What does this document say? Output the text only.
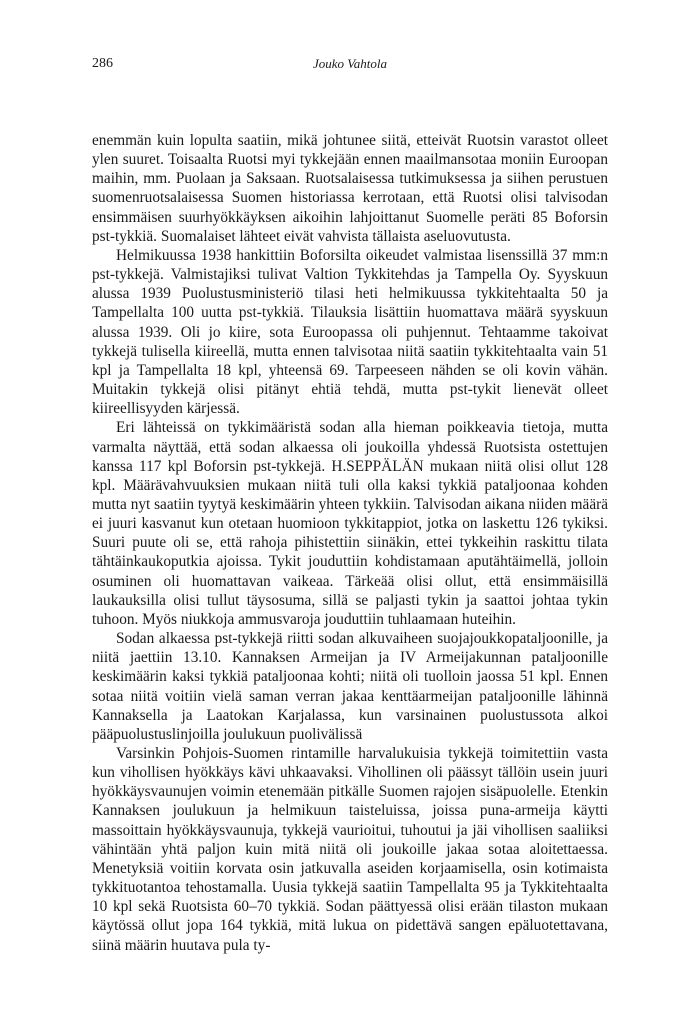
286	Jouko Vahtola

enemmän kuin lopulta saatiin, mikä johtunee siitä, etteivät Ruotsin varastot olleet ylen suuret. Toisaalta Ruotsi myi tykkejään ennen maailmansotaa moniin Euroopan maihin, mm. Puolaan ja Saksaan. Ruotsalaisessa tutkimuksessa ja siihen perustuen suomenruotsalaisessa Suomen historiassa kerrotaan, että Ruotsi olisi talvisodan ensimmäisen suurhyökkäyksen aikoihin lahjoittanut Suomelle peräti 85 Boforsin pst-tykkiä. Suomalaiset lähteet eivät vahvista tällaista aseluovutusta.

Helmikuussa 1938 hankittiin Boforsilta oikeudet valmistaa lisenssillä 37 mm:n pst-tykkejä. Valmistajiksi tulivat Valtion Tykkitehdas ja Tampella Oy. Syyskuun alussa 1939 Puolustusministeriö tilasi heti helmikuussa tykkitehtaalta 50 ja Tampellalta 100 uutta pst-tykkiä. Tilauksia lisättiin huomattava määrä syyskuun alussa 1939. Oli jo kiire, sota Euroopassa oli puhjennut. Tehtaamme takoivat tykkejä tulisella kiireellä, mutta ennen talvisotaa niitä saatiin tykkitehtaalta vain 51 kpl ja Tampellalta 18 kpl, yhteensä 69. Tarpeeseen nähden se oli kovin vähän. Muitakin tykkejä olisi pitänyt ehtiä tehdä, mutta pst-tykit lienevät olleet kiireellisyyden kärjessä.

Eri lähteissä on tykkimääristä sodan alla hieman poikkeavia tietoja, mutta varmalta näyttää, että sodan alkaessa oli joukoilla yhdessä Ruotsista ostettujen kanssa 117 kpl Boforsin pst-tykkejä. H.SEPPÄLÄN mukaan niitä olisi ollut 128 kpl. Määrävahvuuksien mukaan niitä tuli olla kaksi tykkiä pataljoonaa kohden mutta nyt saatiin tyytyä keskimäärin yhteen tykkiin. Talvisodan aikana niiden määrä ei juuri kasvanut kun otetaan huomioon tykkitappiot, jotka on laskettu 126 tykiksi. Suuri puute oli se, että rahoja pihistettiin siinäkin, ettei tykkeihin raskittu tilata tähtäinkaukoputkia ajoissa. Tykit jouduttiin kohdistamaan aputähtäimellä, jolloin osuminen oli huomattavan vaikeaa. Tärkeää olisi ollut, että ensimmäisillä laukauksilla olisi tullut täysosuma, sillä se paljasti tykin ja saattoi johtaa tykin tuhoon. Myös niukkoja ammusvaroja jouduttiin tuhlaamaan huteihin.

Sodan alkaessa pst-tykkejä riitti sodan alkuvaiheen suojajoukkopataljoonille, ja niitä jaettiin 13.10. Kannaksen Armeijan ja IV Armeijakunnan pataljoonille keskimäärin kaksi tykkiä pataljoonaa kohti; niitä oli tuolloin jaossa 51 kpl. Ennen sotaa niitä voitiin vielä saman verran jakaa kenttäarmeijan pataljoonille lähinnä Kannaksella ja Laatokan Karjalassa, kun varsinainen puolustussota alkoi pääpuolustuslinjoilla joulukuun puolivälissä

Varsinkin Pohjois-Suomen rintamille harvalukuisia tykkejä toimitettiin vasta kun vihollisen hyökkäys kävi uhkaavaksi. Vihollinen oli päässyt tällöin usein juuri hyökkäysvaunujen voimin etenemään pitkälle Suomen rajojen sisäpuolelle. Etenkin Kannaksen joulukuun ja helmikuun taisteluissa, joissa puna-armeija käytti massoittain hyökkäysvaunuja, tykkejä vaurioitui, tuhoutui ja jäi vihollisen saaliiksi vähintään yhtä paljon kuin mitä niitä oli joukoille jakaa sotaa aloitettaessa. Menetyksiä voitiin korvata osin jatkuvalla aseiden korjaamisella, osin kotimaista tykkituotantoa tehostamalla. Uusia tykkejä saatiin Tampellalta 95 ja Tykkitehtaalta 10 kpl sekä Ruotsista 60–70 tykkiä. Sodan päättyessä olisi erään tilaston mukaan käytössä ollut jopa 164 tykkiä, mitä lukua on pidettävä sangen epäluotettavana, siinä määrin huutava pula ty-
